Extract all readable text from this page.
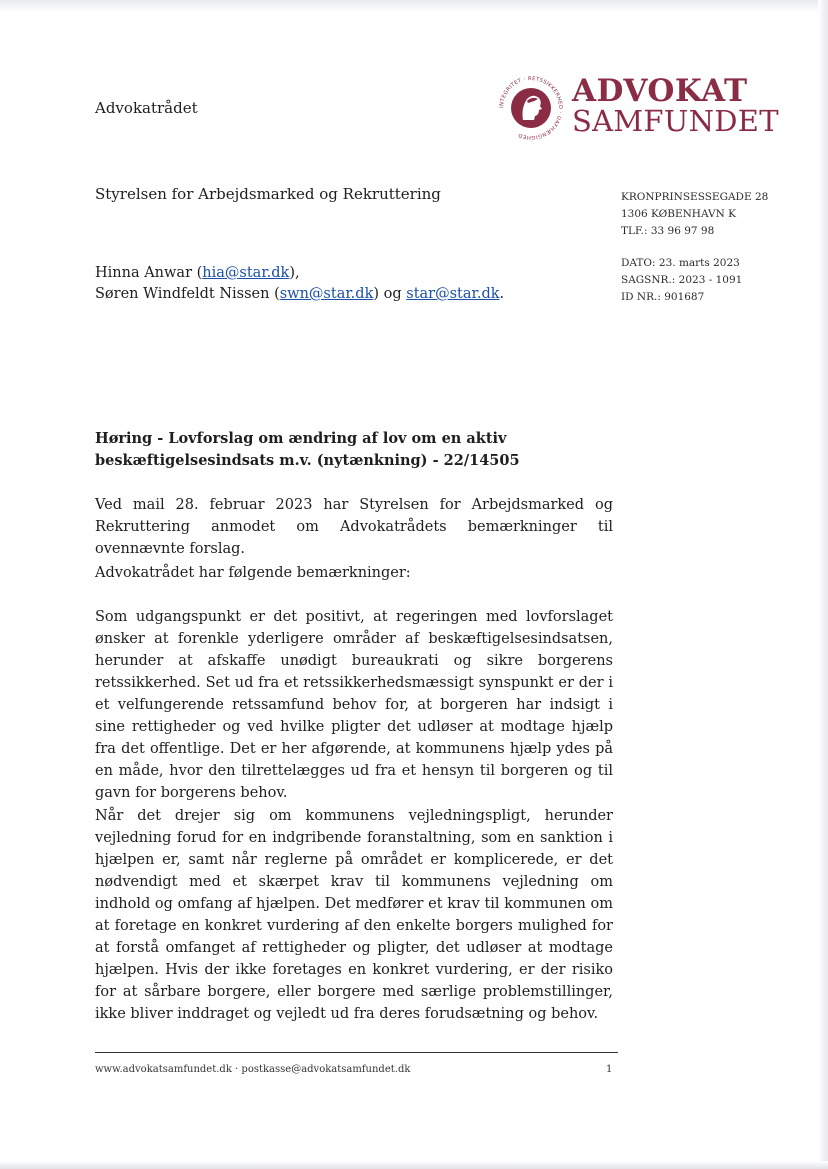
Advokatrådet	INTEGRITET · RETSSIKKERHED · UAFHÆNGIGHED
ADVOKAT
SAMFUNDET
Styrelsen for Arbejdsmarked og Rekruttering
Hinna Anwar (hia@star.dk),
Søren Windfeldt Nissen (swn@star.dk) og star@star.dk.
KRONPRINSESSEGADE 28
1306 KØBENHAVN K
TLF.: 33 96 97 98
DATO: 23. marts 2023
SAGSNR.: 2023 - 1091
ID NR.: 901687
Høring - Lovforslag om ændring af lov om en aktiv beskæftigelsesindsats m.v. (nytænkning) - 22/14505
Ved mail 28. februar 2023 har Styrelsen for Arbejdsmarked og Rekruttering anmodet om Advokatrådets bemærkninger til ovennævnte forslag.
Advokatrådet har følgende bemærkninger:
Som udgangspunkt er det positivt, at regeringen med lovforslaget ønsker at forenkle yderligere områder af beskæftigelsesindsatsen, herunder at afskaffe unødigt bureaukrati og sikre borgerens retssikkerhed. Set ud fra et retssikkerhedsmæssigt synspunkt er der i et velfungerende retssamfund behov for, at borgeren har indsigt i sine rettigheder og ved hvilke pligter det udløser at modtage hjælp fra det offentlige. Det er her afgørende, at kommunens hjælp ydes på en måde, hvor den tilrettelægges ud fra et hensyn til borgeren og til gavn for borgerens behov.
Når det drejer sig om kommunens vejledningspligt, herunder vejledning forud for en indgribende foranstaltning, som en sanktion i hjælpen er, samt når reglerne på området er komplicerede, er det nødvendigt med et skærpet krav til kommunens vejledning om indhold og omfang af hjælpen. Det medfører et krav til kommunen om at foretage en konkret vurdering af den enkelte borgers mulighed for at forstå omfanget af rettigheder og pligter, det udløser at modtage hjælpen. Hvis der ikke foretages en konkret vurdering, er der risiko for at sårbare borgere, eller borgere med særlige problemstillinger, ikke bliver inddraget og vejledt ud fra deres forudsætning og behov.
www.advokatsamfundet.dk · postkasse@advokatsamfundet.dk	1
